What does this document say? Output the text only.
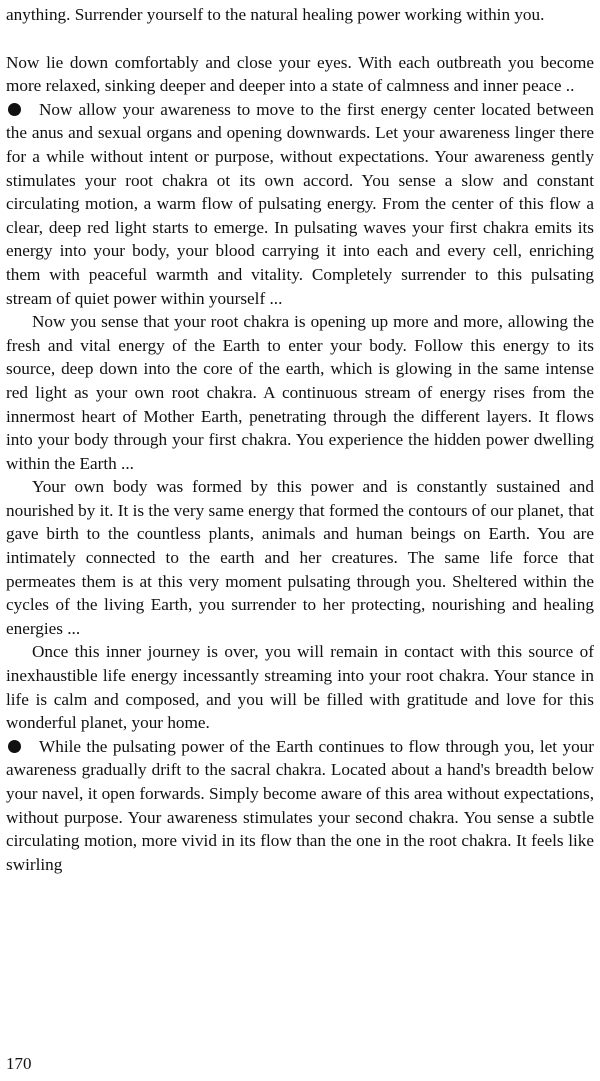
anything. Surrender yourself to the natural healing power working within you.

Now lie down comfortably and close your eyes. With each outbreath you become more relaxed, sinking deeper and deeper into a state of calmness and inner peace ..

Now allow your awareness to move to the first energy center located between the anus and sexual organs and opening downwards. Let your awareness linger there for a while without intent or purpose, without expectations. Your awareness gently stimulates your root chakra ot its own accord. You sense a slow and constant circulating motion, a warm flow of pulsating energy. From the center of this flow a clear, deep red light starts to emerge. In pulsating waves your first chakra emits its energy into your body, your blood carrying it into each and every cell, enriching them with peaceful warmth and vitality. Completely surrender to this pulsating stream of quiet power within yourself ...

Now you sense that your root chakra is opening up more and more, allowing the fresh and vital energy of the Earth to enter your body. Follow this energy to its source, deep down into the core of the earth, which is glowing in the same intense red light as your own root chakra. A continuous stream of energy rises from the innermost heart of Mother Earth, penetrating through the different layers. It flows into your body through your first chakra. You experience the hidden power dwelling within the Earth ...

Your own body was formed by this power and is constantly sustained and nourished by it. It is the very same energy that formed the contours of our planet, that gave birth to the countless plants, animals and human beings on Earth. You are intimately connected to the earth and her creatures. The same life force that permeates them is at this very moment pulsating through you. Sheltered within the cycles of the living Earth, you surrender to her protecting, nourishing and healing energies ...

Once this inner journey is over, you will remain in contact with this source of inexhaustible life energy incessantly streaming into your root chakra. Your stance in life is calm and composed, and you will be filled with gratitude and love for this wonderful planet, your home.

While the pulsating power of the Earth continues to flow through you, let your awareness gradually drift to the sacral chakra. Located about a hand's breadth below your navel, it open forwards. Simply become aware of this area without expectations, without purpose. Your awareness stimulates your second chakra. You sense a subtle circulating motion, more vivid in its flow than the one in the root chakra. It feels like swirling

170
